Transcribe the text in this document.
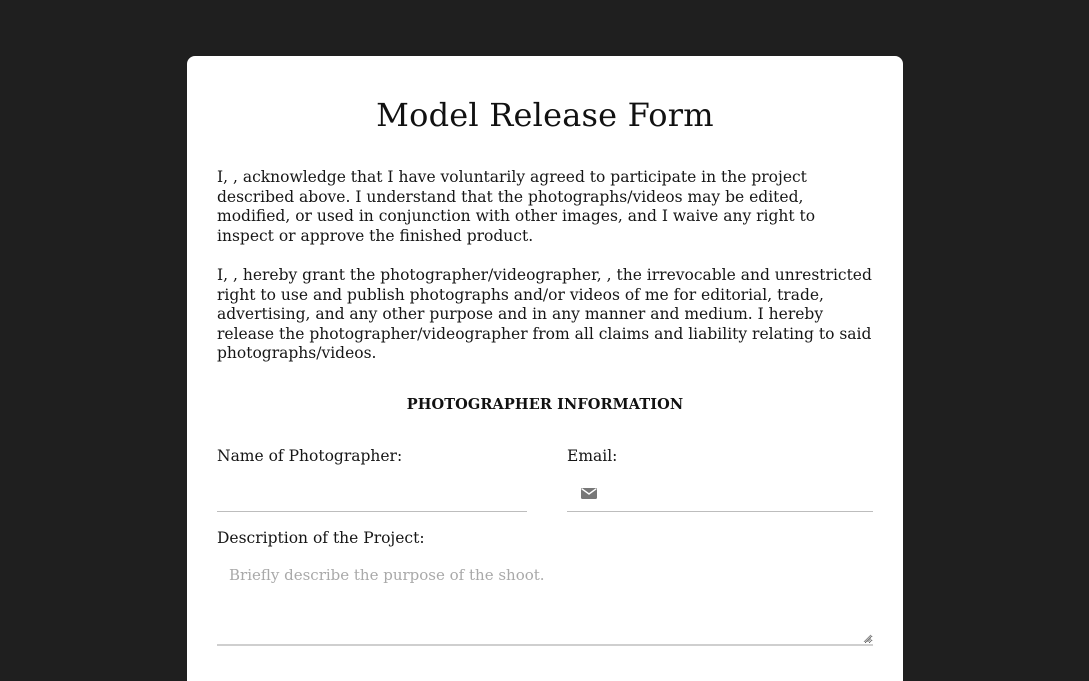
Model Release Form

I, , acknowledge that I have voluntarily agreed to participate in the project described above. I understand that the photographs/videos may be edited, modified, or used in conjunction with other images, and I waive any right to inspect or approve the finished product.

I, , hereby grant the photographer/videographer, , the irrevocable and unrestricted right to use and publish photographs and/or videos of me for editorial, trade, advertising, and any other purpose and in any manner and medium. I hereby release the photographer/videographer from all claims and liability relating to said photographs/videos.

PHOTOGRAPHER INFORMATION
Name of Photographer:	Email:
Description of the Project:
Briefly describe the purpose of the shoot.
